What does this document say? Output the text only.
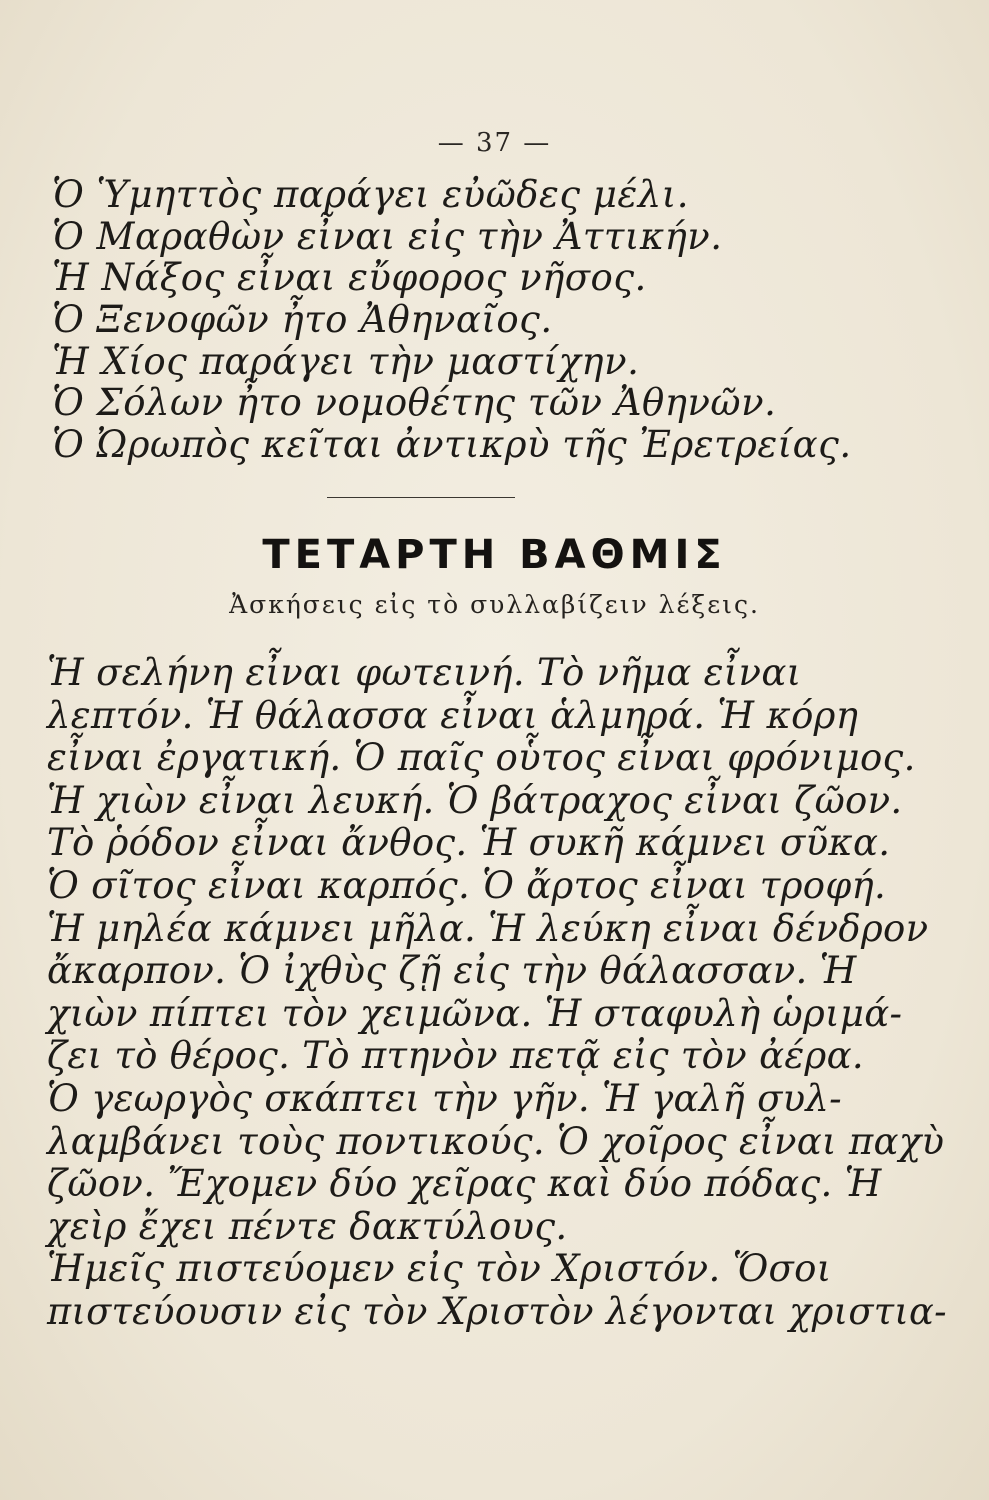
— 37 —
Ὁ Ὑμηττὸς παράγει εὐῶδες μέλι.
Ὁ Μαραθὼν εἶναι εἰς τὴν Ἀττικήν.
Ἡ Νάξος εἶναι εὔφορος νῆσος.
Ὁ Ξενοφῶν ἦτο Ἀθηναῖος.
Ἡ Χίος παράγει τὴν μαστίχην.
Ὁ Σόλων ἦτο νομοθέτης τῶν Ἀθηνῶν.
Ὁ Ὠρωπὸς κεῖται ἀντικρὺ τῆς Ἐρετρείας.
ΤΕΤΑΡΤΗ ΒΑΘΜΙΣ
Ἀσκήσεις εἰς τὸ συλλαβίζειν λέξεις.
Ἡ σελήνη εἶναι φωτεινή. Τὸ νῆμα εἶναι
λεπτόν. Ἡ θάλασσα εἶναι ἁλμηρά. Ἡ κόρη
εἶναι ἐργατική. Ὁ παῖς οὗτος εἶναι φρόνιμος.
Ἡ χιὼν εἶναι λευκή. Ὁ βάτραχος εἶναι ζῶον.
Τὸ ῥόδον εἶναι ἄνθος. Ἡ συκῆ κάμνει σῦκα.
Ὁ σῖτος εἶναι καρπός. Ὁ ἄρτος εἶναι τροφή.
Ἡ μηλέα κάμνει μῆλα. Ἡ λεύκη εἶναι δένδρον
ἄκαρπον. Ὁ ἰχθὺς ζῇ εἰς τὴν θάλασσαν. Ἡ
χιὼν πίπτει τὸν χειμῶνα. Ἡ σταφυλὴ ὡριμά-
ζει τὸ θέρος. Τὸ πτηνὸν πετᾷ εἰς τὸν ἀέρα.
Ὁ γεωργὸς σκάπτει τὴν γῆν. Ἡ γαλῆ συλ-
λαμβάνει τοὺς ποντικούς. Ὁ χοῖρος εἶναι παχὺ
ζῶον. Ἔχομεν δύο χεῖρας καὶ δύο πόδας. Ἡ
χεὶρ ἔχει πέντε δακτύλους.
Ἡμεῖς πιστεύομεν εἰς τὸν Χριστόν. Ὅσοι
πιστεύουσιν εἰς τὸν Χριστὸν λέγονται χριστια-
